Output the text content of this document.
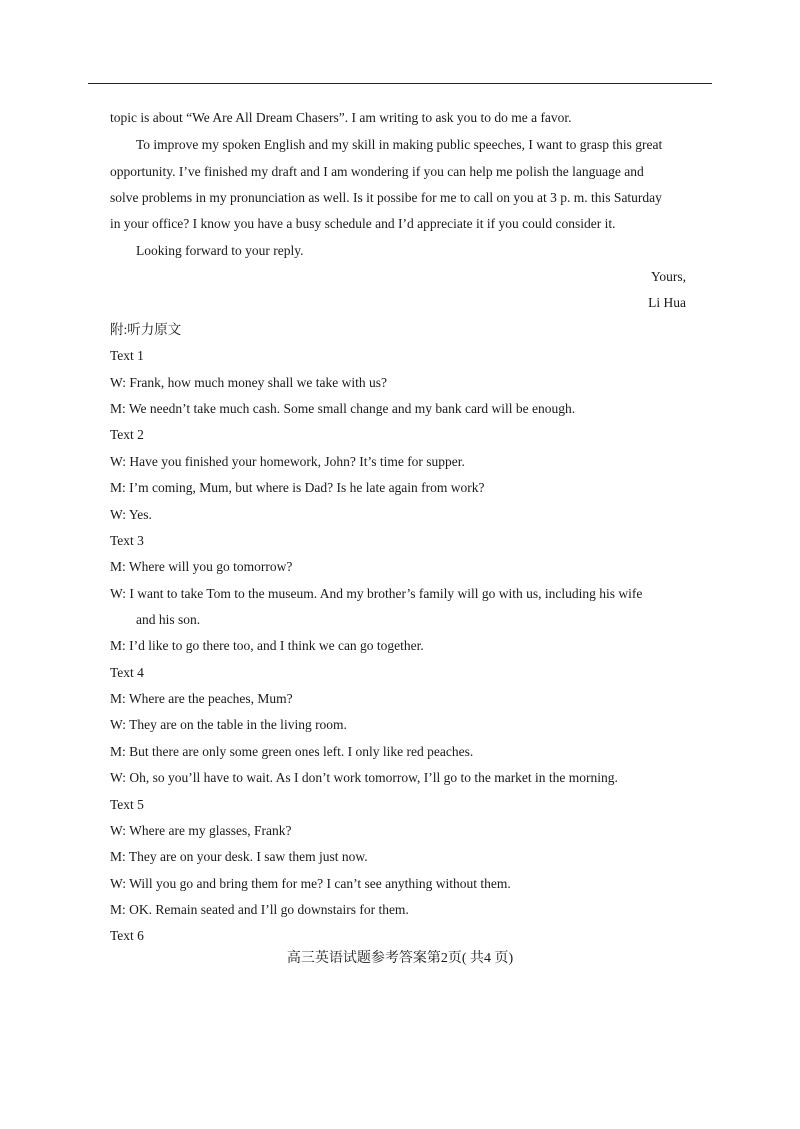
topic is about “We Are All Dream Chasers”. I am writing to ask you to do me a favor.
To improve my spoken English and my skill in making public speeches, I want to grasp this great
opportunity. I’ve finished my draft and I am wondering if you can help me polish the language and
solve problems in my pronunciation as well. Is it possibe for me to call on you at 3 p. m. this Saturday
in your office? I know you have a busy schedule and I’d appreciate it if you could consider it.
Looking forward to your reply.
Yours,
Li Hua
附:听力原文
Text 1
W: Frank, how much money shall we take with us?
M: We needn’t take much cash. Some small change and my bank card will be enough.
Text 2
W: Have you finished your homework, John? It’s time for supper.
M: I’m coming, Mum, but where is Dad? Is he late again from work?
W: Yes.
Text 3
M: Where will you go tomorrow?
W: I want to take Tom to the museum. And my brother’s family will go with us, including his wife
and his son.
M: I’d like to go there too, and I think we can go together.
Text 4
M: Where are the peaches, Mum?
W: They are on the table in the living room.
M: But there are only some green ones left. I only like red peaches.
W: Oh, so you’ll have to wait. As I don’t work tomorrow, I’ll go to the market in the morning.
Text 5
W: Where are my glasses, Frank?
M: They are on your desk. I saw them just now.
W: Will you go and bring them for me? I can’t see anything without them.
M: OK. Remain seated and I’ll go downstairs for them.
Text 6
高三英语试题参考答案第2页( 共4 页)
